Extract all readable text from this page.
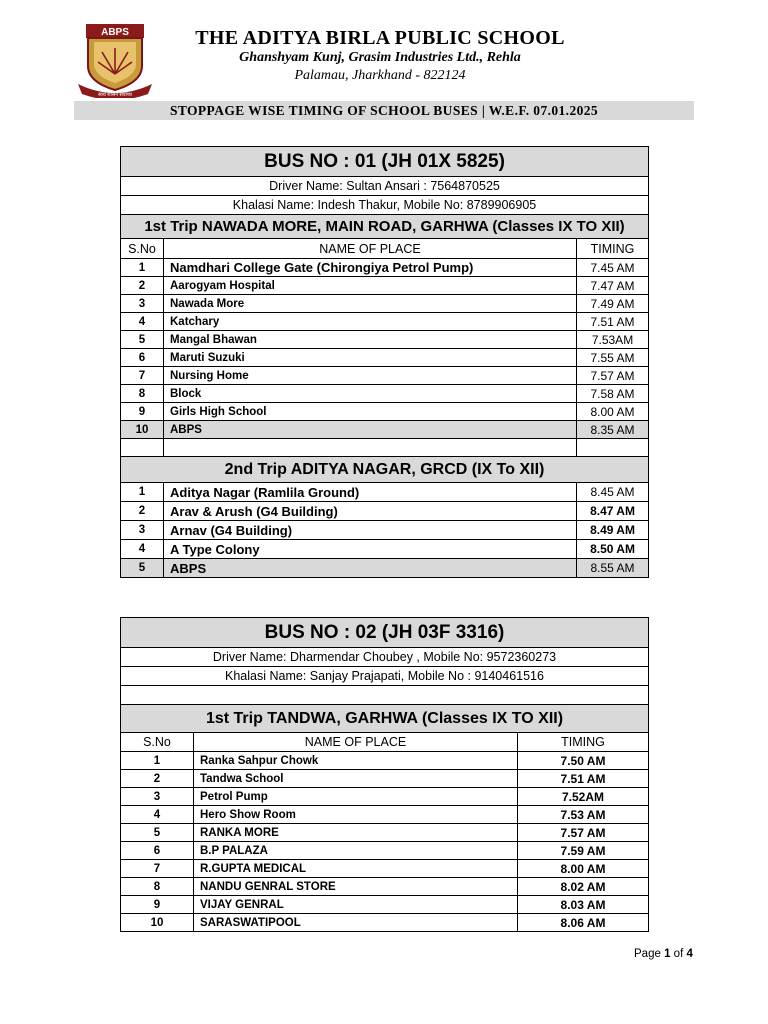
ABPS
स्वयं शासन सर्वोच्च
THE ADITYA BIRLA PUBLIC SCHOOL
Ghanshyam Kunj, Grasim Industries Ltd., Rehla
Palamau, Jharkhand - 822124
STOPPAGE WISE TIMING OF SCHOOL BUSES | W.E.F. 07.01.2025
BUS NO : 01 (JH 01X 5825)		
Driver Name: Sultan Ansari : 7564870525		
Khalasi Name: Indesh Thakur, Mobile No: 8789906905		
1st Trip NAWADA MORE, MAIN ROAD, GARHWA (Classes IX TO XII)		
S.No	NAME OF PLACE	TIMING
1	Namdhari College Gate (Chirongiya Petrol Pump)	7.45 AM
2	Aarogyam Hospital	7.47 AM
3	Nawada More	7.49 AM
4	Katchary	7.51 AM
5	Mangal Bhawan	7.53AM
6	Maruti Suzuki	7.55 AM
7	Nursing Home	7.57 AM
8	Block	7.58 AM
9	Girls High School	8.00 AM
10	ABPS	8.35 AM

2nd Trip ADITYA NAGAR, GRCD (IX To XII)		
1	Aditya Nagar (Ramlila Ground)	8.45 AM
2	Arav & Arush (G4 Building)	8.47 AM
3	Arnav (G4 Building)	8.49 AM
4	A Type Colony	8.50 AM
5	ABPS	8.55 AM
BUS NO : 02 (JH 03F 3316)		
Driver Name: Dharmendar Choubey , Mobile No: 9572360273		
Khalasi Name: Sanjay Prajapati, Mobile No : 9140461516		

1st Trip TANDWA, GARHWA (Classes IX TO XII)		
S.No	NAME OF PLACE	TIMING
1	Ranka Sahpur Chowk	7.50 AM
2	Tandwa School	7.51 AM
3	Petrol Pump	7.52AM
4	Hero Show Room	7.53 AM
5	RANKA MORE	7.57 AM
6	B.P PALAZA	7.59 AM
7	R.GUPTA MEDICAL	8.00 AM
8	NANDU GENRAL STORE	8.02 AM
9	VIJAY GENRAL	8.03 AM
10	SARASWATIPOOL	8.06 AM
Page 1 of 4
